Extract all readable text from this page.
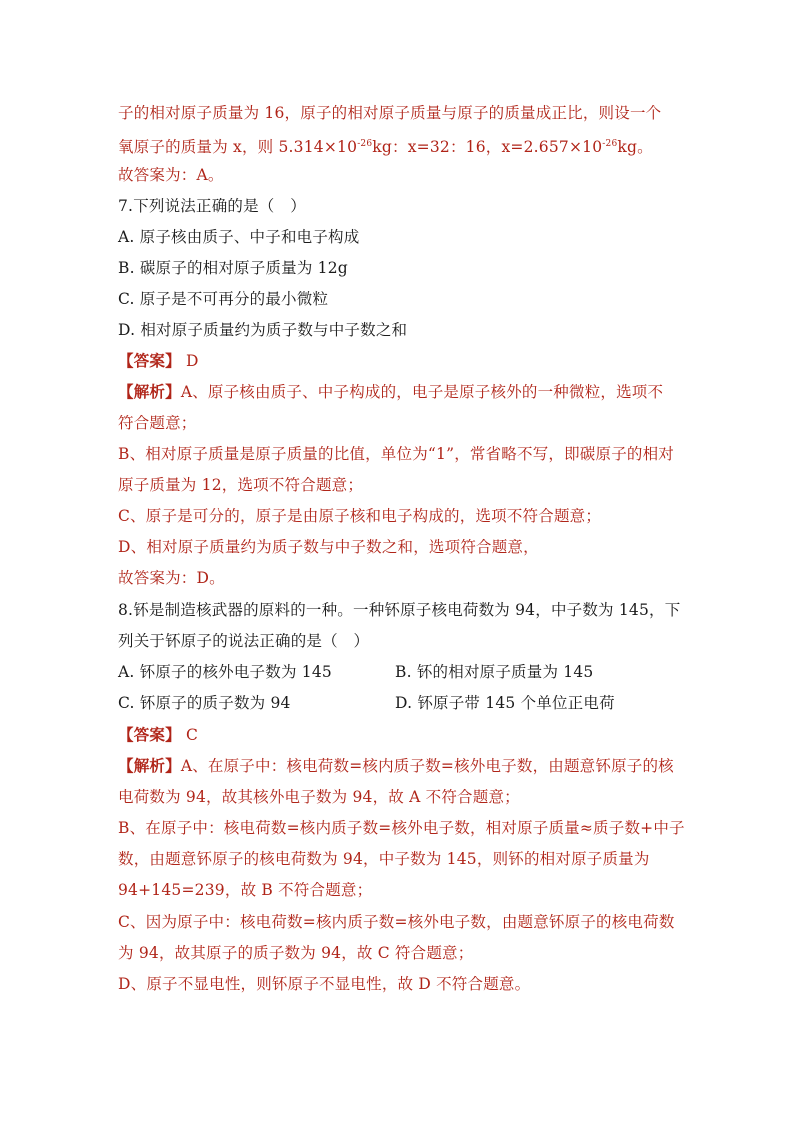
子的相对原子质量为 16，原子的相对原子质量与原子的质量成正比，则设一个
氧原子的质量为 x，则 $5.314\times 10^{-26}kg$：x=32：16，$x=2.657\times 10^{-26}kg$。
故答案为：A。
7.下列说法正确的是（　）
A. 原子核由质子、中子和电子构成
B. 碳原子的相对原子质量为 12g
C. 原子是不可再分的最小微粒
D. 相对原子质量约为质子数与中子数之和
【答案】 D
【解析】A、原子核由质子、中子构成的，电子是原子核外的一种微粒，选项不
符合题意；
B、相对原子质量是原子质量的比值，单位为“1”，常省略不写，即碳原子的相对
原子质量为 12，选项不符合题意；
C、原子是可分的，原子是由原子核和电子构成的，选项不符合题意；
D、相对原子质量约为质子数与中子数之和，选项符合题意，
故答案为：D。
8.钚是制造核武器的原料的一种。一种钚原子核电荷数为 94，中子数为 145，下
列关于钚原子的说法正确的是（　）
A. 钚原子的核外电子数为 145	B. 钚的相对原子质量为 145
C. 钚原子的质子数为 94	D. 钚原子带 145 个单位正电荷
【答案】 C
【解析】A、在原子中：核电荷数=核内质子数=核外电子数，由题意钚原子的核
电荷数为 94，故其核外电子数为 94，故 A 不符合题意；
B、在原子中：核电荷数=核内质子数=核外电子数，相对原子质量≈质子数+中子
数，由题意钚原子的核电荷数为 94，中子数为 145，则钚的相对原子质量为
94+145=239，故 B 不符合题意；
C、因为原子中：核电荷数=核内质子数=核外电子数，由题意钚原子的核电荷数
为 94，故其原子的质子数为 94，故 C 符合题意；
D、原子不显电性，则钚原子不显电性，故 D 不符合题意。
